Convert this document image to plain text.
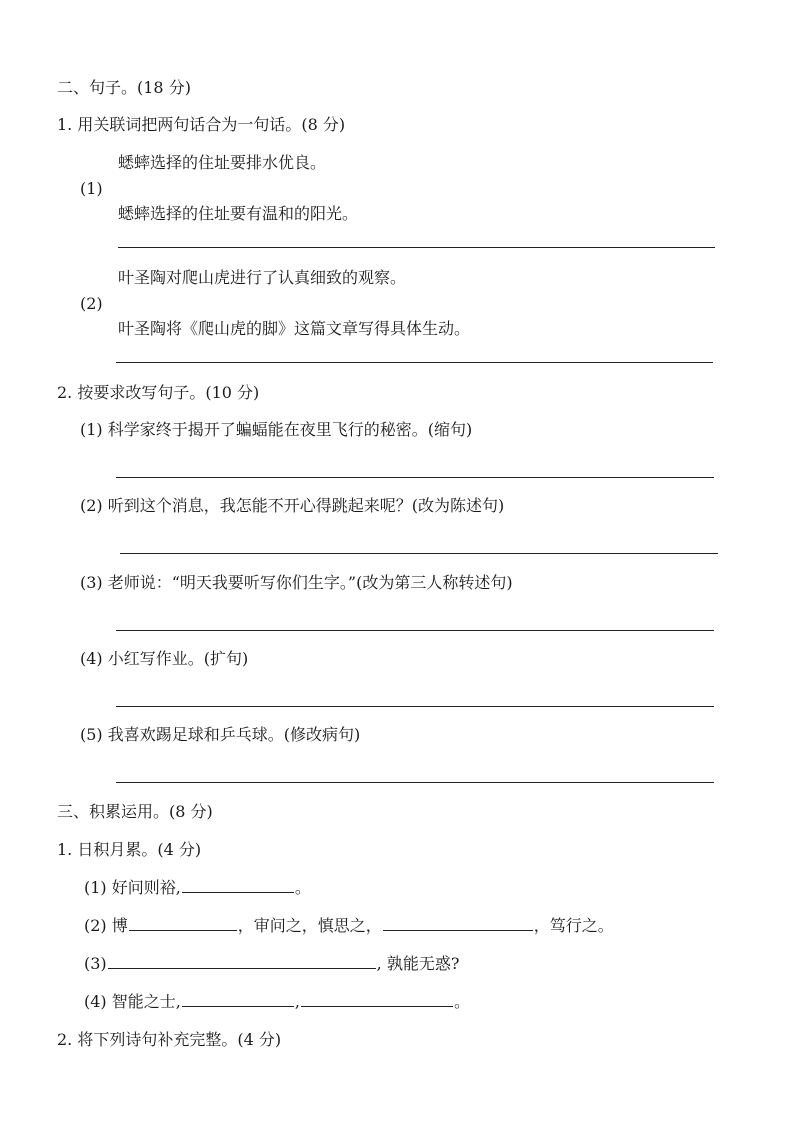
二、句子。(18 分)
1. 用关联词把两句话合为一句话。(8 分)
(1)
蟋蟀选择的住址要排水优良。
蟋蟀选择的住址要有温和的阳光。
(2)
叶圣陶对爬山虎进行了认真细致的观察。
叶圣陶将《爬山虎的脚》这篇文章写得具体生动。
2. 按要求改写句子。(10 分)
(1) 科学家终于揭开了蝙蝠能在夜里飞行的秘密。(缩句)
(2) 听到这个消息，我怎能不开心得跳起来呢？(改为陈述句)
(3) 老师说：“明天我要听写你们生字。”(改为第三人称转述句)
(4) 小红写作业。(扩句)
(5) 我喜欢踢足球和乒乓球。(修改病句)
三、积累运用。(8 分)
1. 日积月累。(4 分)
(1) 好问则裕,	。
(2) 博	，审问之，慎思之，	，笃行之。
(3)	, 孰能无惑?
(4) 智能之士,	,	。
2. 将下列诗句补充完整。(4 分)
